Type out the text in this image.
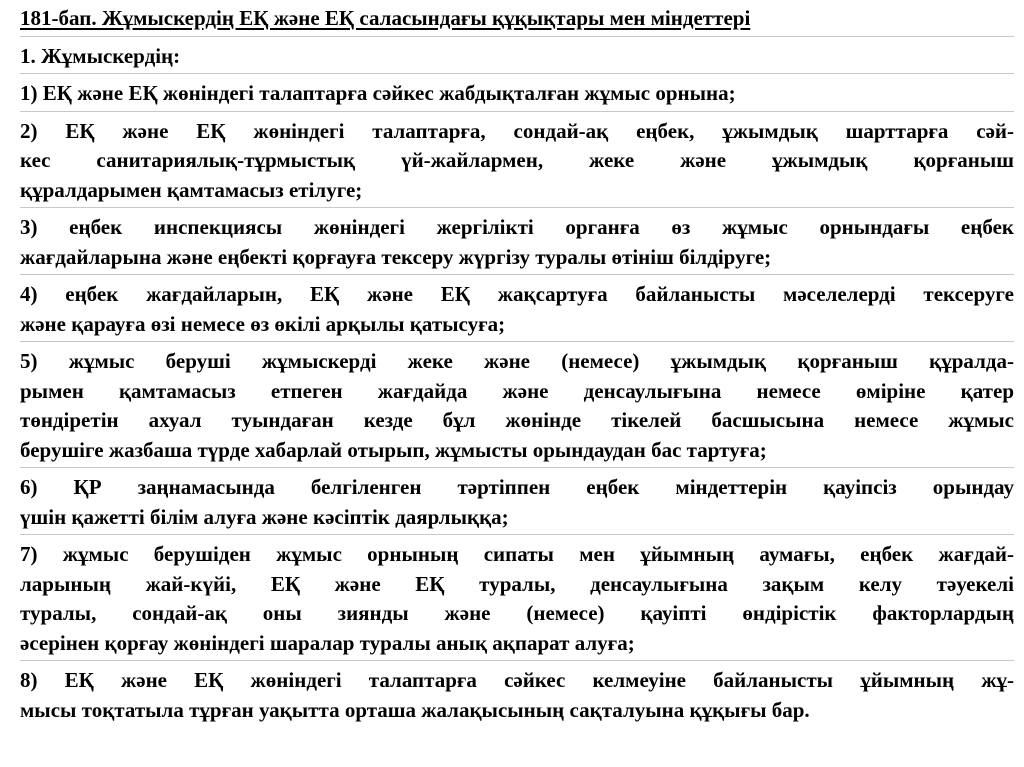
181-бап. Жұмыскердің ЕҚ және ЕҚ саласындағы құқықтары мен міндеттері
1. Жұмыскердің:
1) ЕҚ және ЕҚ жөніндегі талаптарға сәйкес жабдықталған жұмыс орнына;
2) ЕҚ және ЕҚ жөніндегі талаптарға, сондай-ақ еңбек, ұжымдық шарттарға сәй-
кес санитариялық-тұрмыстық үй-жайлармен, жеке және ұжымдық қорғаныш
құралдарымен қамтамасыз етілуге;
3) еңбек инспекциясы жөніндегі жергілікті органға өз жұмыс орнындағы еңбек
жағдайларына және еңбекті қорғауға тексеру жүргізу туралы өтініш білдіруге;
4) еңбек жағдайларын, ЕҚ және ЕҚ жақсартуға байланысты мәселелерді тексеруге
және қарауға өзі немесе өз өкілі арқылы қатысуға;
5) жұмыс беруші жұмыскерді жеке және (немесе) ұжымдық қорғаныш құралда-
рымен қамтамасыз етпеген жағдайда және денсаулығына немесе өміріне қатер
төндіретін ахуал туындаған кезде бұл жөнінде тікелей басшысына немесе жұмыс
берушіге жазбаша түрде хабарлай отырып, жұмысты орындаудан бас тартуға;
6) ҚР заңнамасында белгіленген тәртіппен еңбек міндеттерін қауіпсіз орындау
үшін қажетті білім алуға және кәсіптік даярлыққа;
7) жұмыс берушіден жұмыс орнының сипаты мен ұйымның аумағы, еңбек жағдай-
ларының жай-күйі, ЕҚ және ЕҚ туралы, денсаулығына зақым келу тәуекелі
туралы, сондай-ақ оны зиянды және (немесе) қауіпті өндірістік факторлардың
әсерінен қорғау жөніндегі шаралар туралы анық ақпарат алуға;
8) ЕҚ және ЕҚ жөніндегі талаптарға сәйкес келмеуіне байланысты ұйымның жұ-
мысы тоқтатыла тұрған уақытта орташа жалақысының сақталуына құқығы бар.
